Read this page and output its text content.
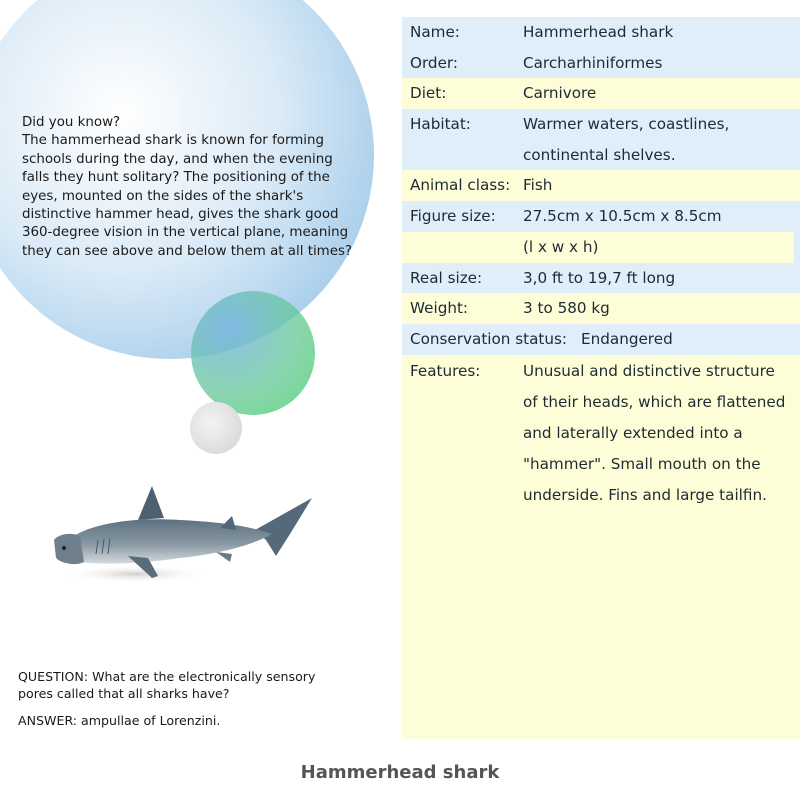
Did you know?

The hammerhead shark is known for forming

schools during the day, and when the evening

falls they hunt solitary? The positioning of the

eyes, mounted on the sides of the shark's

distinctive hammer head, gives the shark good

360-degree vision in the vertical plane, meaning

they can see above and below them at all times?

QUESTION: What are the electronically sensory
pores called that all sharks have?

ANSWER: ampullae of Lorenzini.

Name:	Hammerhead shark
Order:	Carcharhiniformes
Diet:	Carnivore
Habitat:	Warmer waters, coastlines,
continental shelves.
Animal class: Fish
Figure size:	27.5cm x 10.5cm x 8.5cm
(l x w x h)
Real size:	3,0 ft to 19,7 ft long
Weight:	3 to 580 kg
Conservation status: Endangered
Features:	Unusual and distinctive structure
of their heads, which are flattened
and laterally extended into a
"hammer". Small mouth on the
underside. Fins and large tailfin.
Hammerhead shark
